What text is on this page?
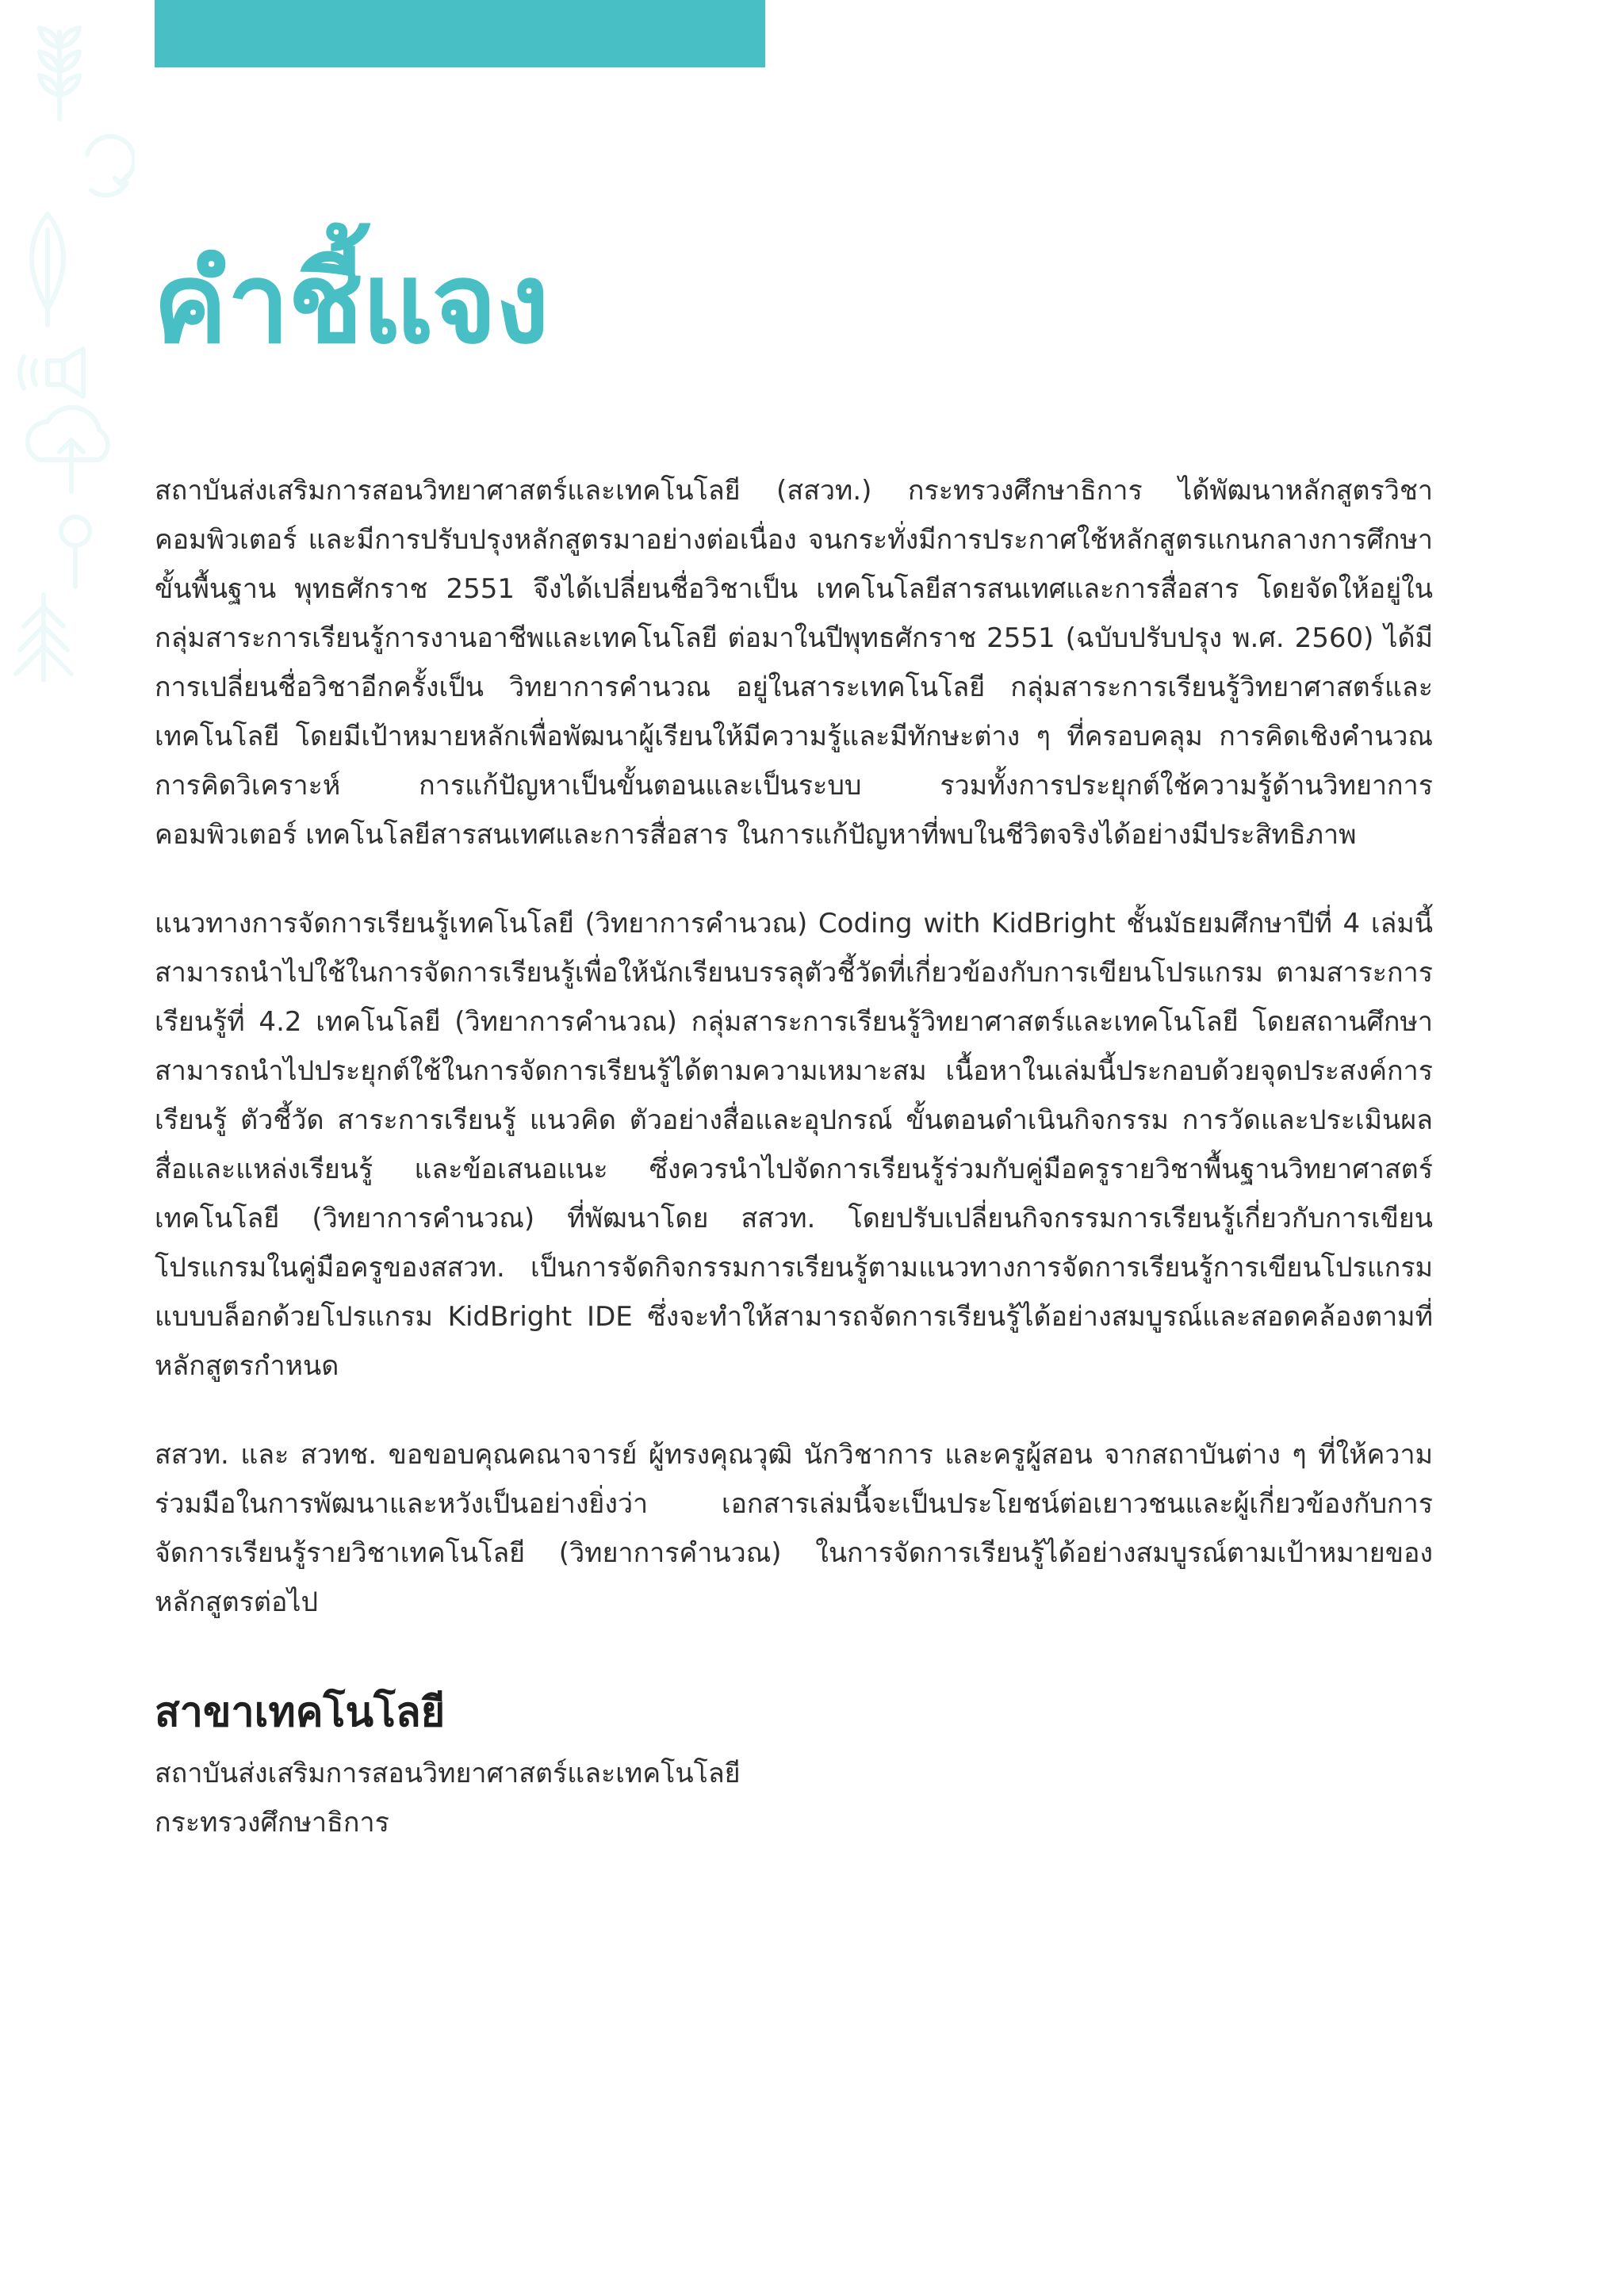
คำชี้แจง

สถาบันส่งเสริมการสอนวิทยาศาสตร์และเทคโนโลยี (สสวท.) กระทรวงศึกษาธิการ ได้พัฒนาหลักสูตรวิชาคอมพิวเตอร์ และมีการปรับปรุงหลักสูตรมาอย่างต่อเนื่อง จนกระทั่งมีการประกาศใช้หลักสูตรแกนกลางการศึกษาขั้นพื้นฐาน พุทธศักราช 2551 จึงได้เปลี่ยนชื่อวิชาเป็น เทคโนโลยีสารสนเทศและการสื่อสาร โดยจัดให้อยู่ในกลุ่มสาระการเรียนรู้การงานอาชีพและเทคโนโลยี ต่อมาในปีพุทธศักราช 2551 (ฉบับปรับปรุง พ.ศ. 2560) ได้มีการเปลี่ยนชื่อวิชาอีกครั้งเป็น วิทยาการคำนวณ อยู่ในสาระเทคโนโลยี กลุ่มสาระการเรียนรู้วิทยาศาสตร์และเทคโนโลยี โดยมีเป้าหมายหลักเพื่อพัฒนาผู้เรียนให้มีความรู้และมีทักษะต่าง ๆ ที่ครอบคลุม การคิดเชิงคำนวณ การคิดวิเคราะห์ การแก้ปัญหาเป็นขั้นตอนและเป็นระบบ รวมทั้งการประยุกต์ใช้ความรู้ด้านวิทยาการคอมพิวเตอร์ เทคโนโลยีสารสนเทศและการสื่อสาร ในการแก้ปัญหาที่พบในชีวิตจริงได้อย่างมีประสิทธิภาพ

แนวทางการจัดการเรียนรู้เทคโนโลยี (วิทยาการคำนวณ) Coding with KidBright ชั้นมัธยมศึกษาปีที่ 4 เล่มนี้ สามารถนำไปใช้ในการจัดการเรียนรู้เพื่อให้นักเรียนบรรลุตัวชี้วัดที่เกี่ยวข้องกับการเขียนโปรแกรม ตามสาระการเรียนรู้ที่ 4.2 เทคโนโลยี (วิทยาการคำนวณ) กลุ่มสาระการเรียนรู้วิทยาศาสตร์และเทคโนโลยี โดยสถานศึกษาสามารถนำไปประยุกต์ใช้ในการจัดการเรียนรู้ได้ตามความเหมาะสม เนื้อหาในเล่มนี้ประกอบด้วยจุดประสงค์การเรียนรู้ ตัวชี้วัด สาระการเรียนรู้ แนวคิด ตัวอย่างสื่อและอุปกรณ์ ขั้นตอนดำเนินกิจกรรม การวัดและประเมินผล สื่อและแหล่งเรียนรู้ และข้อเสนอแนะ ซึ่งควรนำไปจัดการเรียนรู้ร่วมกับคู่มือครูรายวิชาพื้นฐานวิทยาศาสตร์ เทคโนโลยี (วิทยาการคำนวณ) ที่พัฒนาโดย สสวท. โดยปรับเปลี่ยนกิจกรรมการเรียนรู้เกี่ยวกับการเขียนโปรแกรมในคู่มือครูของสสวท. เป็นการจัดกิจกรรมการเรียนรู้ตามแนวทางการจัดการเรียนรู้การเขียนโปรแกรมแบบบล็อกด้วยโปรแกรม KidBright IDE ซึ่งจะทำให้สามารถจัดการเรียนรู้ได้อย่างสมบูรณ์และสอดคล้องตามที่หลักสูตรกำหนด

สสวท. และ สวทช. ขอขอบคุณคณาจารย์ ผู้ทรงคุณวุฒิ นักวิชาการ และครูผู้สอน จากสถาบันต่าง ๆ ที่ให้ความร่วมมือในการพัฒนาและหวังเป็นอย่างยิ่งว่า เอกสารเล่มนี้จะเป็นประโยชน์ต่อเยาวชนและผู้เกี่ยวข้องกับการจัดการเรียนรู้รายวิชาเทคโนโลยี (วิทยาการคำนวณ) ในการจัดการเรียนรู้ได้อย่างสมบูรณ์ตามเป้าหมายของหลักสูตรต่อไป

สาขาเทคโนโลยี

สถาบันส่งเสริมการสอนวิทยาศาสตร์และเทคโนโลยี

กระทรวงศึกษาธิการ
